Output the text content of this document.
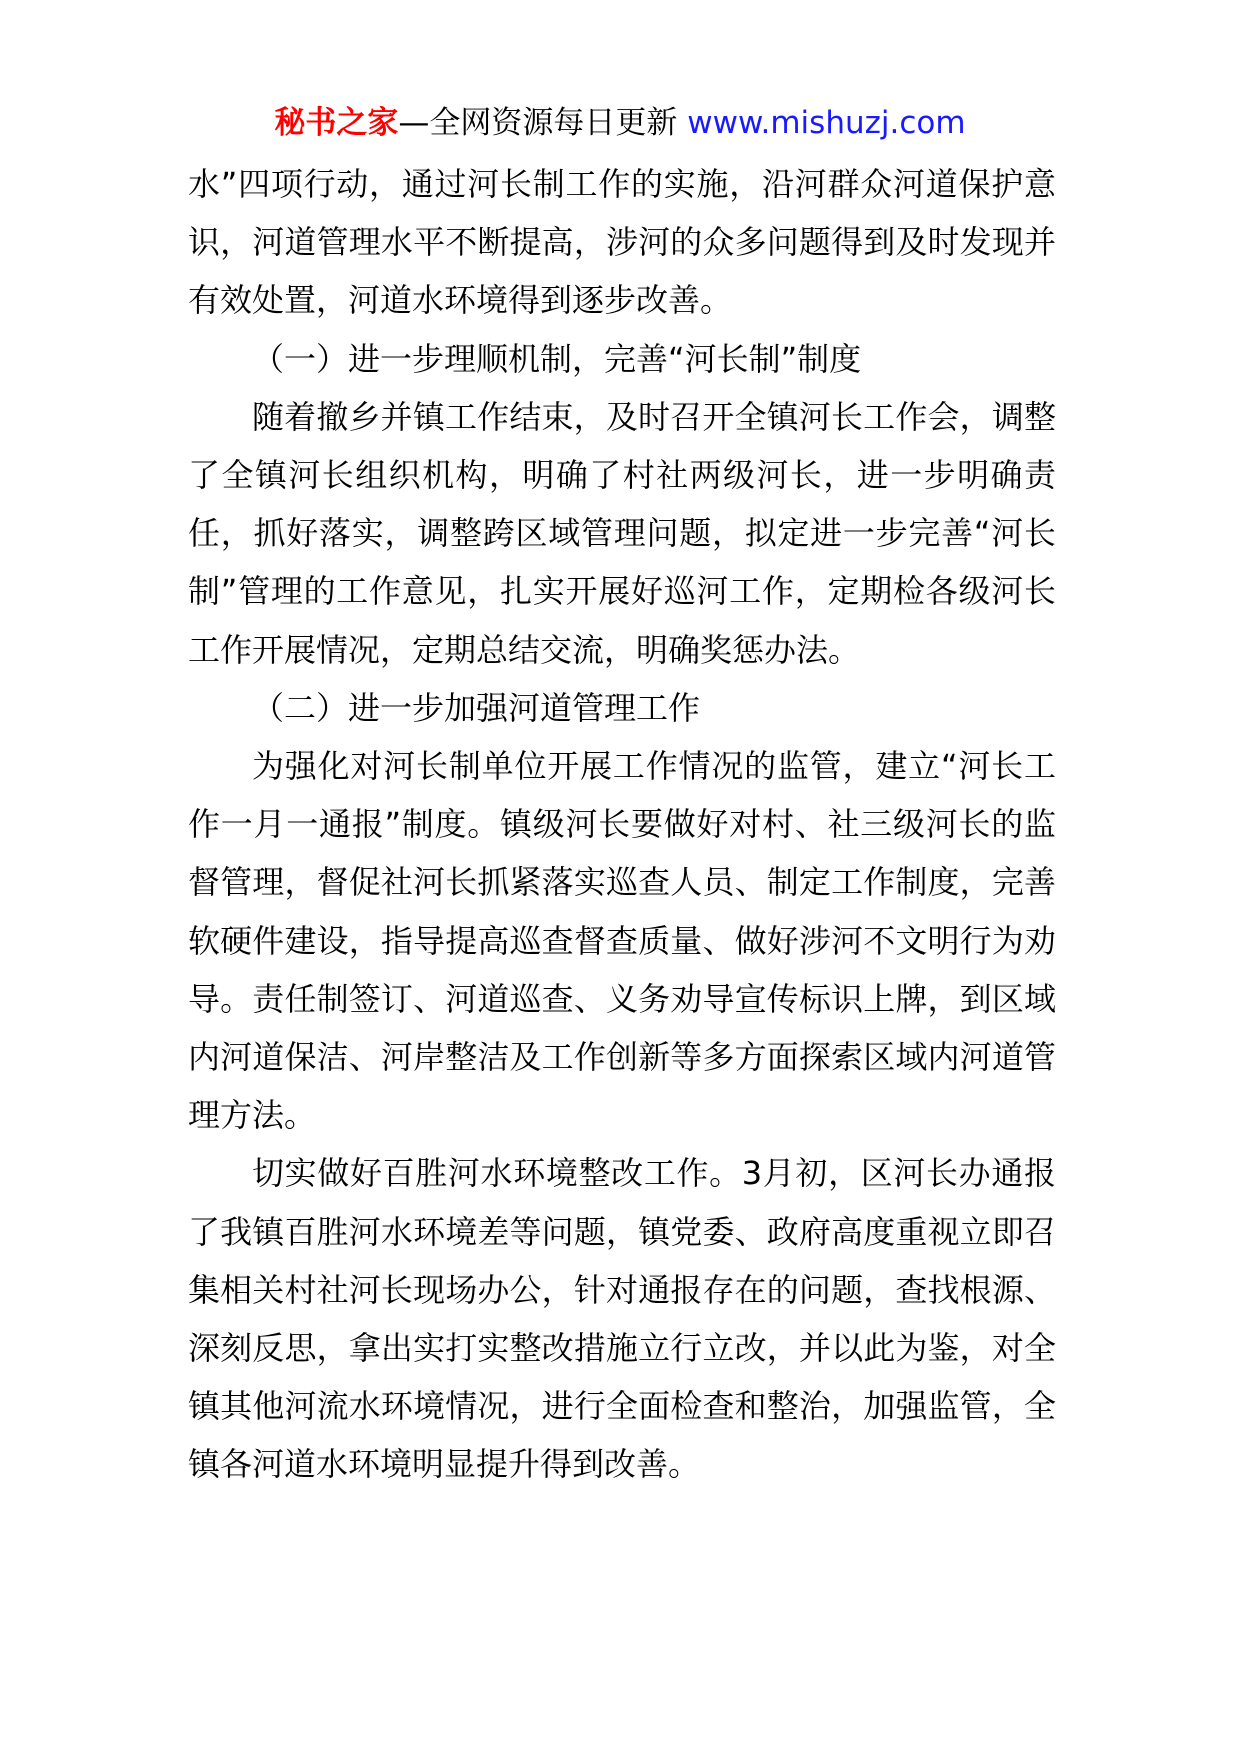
秘书之家—全网资源每日更新 www.mishuzj.com

水”四项行动，通过河长制工作的实施，沿河群众河道保护意识，河道管理水平不断提高，涉河的众多问题得到及时发现并有效处置，河道水环境得到逐步改善。

（一）进一步理顺机制，完善“河长制”制度

随着撤乡并镇工作结束，及时召开全镇河长工作会，调整了全镇河长组织机构，明确了村社两级河长，进一步明确责任，抓好落实，调整跨区域管理问题，拟定进一步完善“河长制”管理的工作意见，扎实开展好巡河工作，定期检各级河长工作开展情况，定期总结交流，明确奖惩办法。

（二）进一步加强河道管理工作

为强化对河长制单位开展工作情况的监管，建立“河长工作一月一通报”制度。镇级河长要做好对村、社三级河长的监督管理，督促社河长抓紧落实巡查人员、制定工作制度，完善软硬件建设，指导提高巡查督查质量、做好涉河不文明行为劝导。责任制签订、河道巡查、义务劝导宣传标识上牌，到区域内河道保洁、河岸整洁及工作创新等多方面探索区域内河道管理方法。

切实做好百胜河水环境整改工作。3月初，区河长办通报了我镇百胜河水环境差等问题，镇党委、政府高度重视立即召集相关村社河长现场办公，针对通报存在的问题，查找根源、深刻反思，拿出实打实整改措施立行立改，并以此为鉴，对全镇其他河流水环境情况，进行全面检查和整治，加强监管，全镇各河道水环境明显提升得到改善。
